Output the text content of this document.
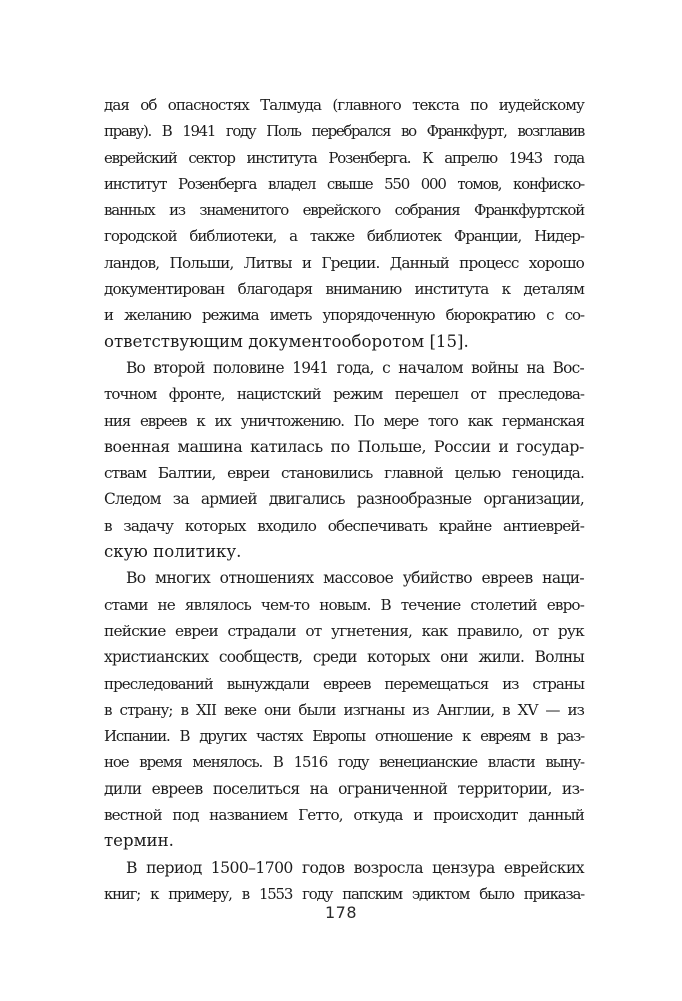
дая об опасностях Талмуда (главного текста по иудейскому
праву). В 1941 году Поль перебрался во Франкфурт, возглавив
еврейский сектор института Розенберга. К апрелю 1943 года
институт Розенберга владел свыше 550 000 томов, конфиско-
ванных из знаменитого еврейского собрания Франкфуртской
городской библиотеки, а также библиотек Франции, Нидер-
ландов, Польши, Литвы и Греции. Данный процесс хорошо
документирован благодаря вниманию института к деталям
и желанию режима иметь упорядоченную бюрократию с со-
ответствующим документооборотом [15].
Во второй половине 1941 года, с началом войны на Вос-
точном фронте, нацистский режим перешел от преследова-
ния евреев к их уничтожению. По мере того как германская
военная машина катилась по Польше, России и государ-
ствам Балтии, евреи становились главной целью геноцида.
Следом за армией двигались разнообразные организации,
в задачу которых входило обеспечивать крайне антиеврей-
скую политику.
Во многих отношениях массовое убийство евреев наци-
стами не являлось чем-то новым. В течение столетий евро-
пейские евреи страдали от угнетения, как правило, от рук
христианских сообществ, среди которых они жили. Волны
преследований вынуждали евреев перемещаться из страны
в страну; в XII веке они были изгнаны из Англии, в XV — из
Испании. В других частях Европы отношение к евреям в раз-
ное время менялось. В 1516 году венецианские власти выну-
дили евреев поселиться на ограниченной территории, из-
вестной под названием Гетто, откуда и происходит данный
термин.
В период 1500–1700 годов возросла цензура еврейских
книг; к примеру, в 1553 году папским эдиктом было приказа-
178
